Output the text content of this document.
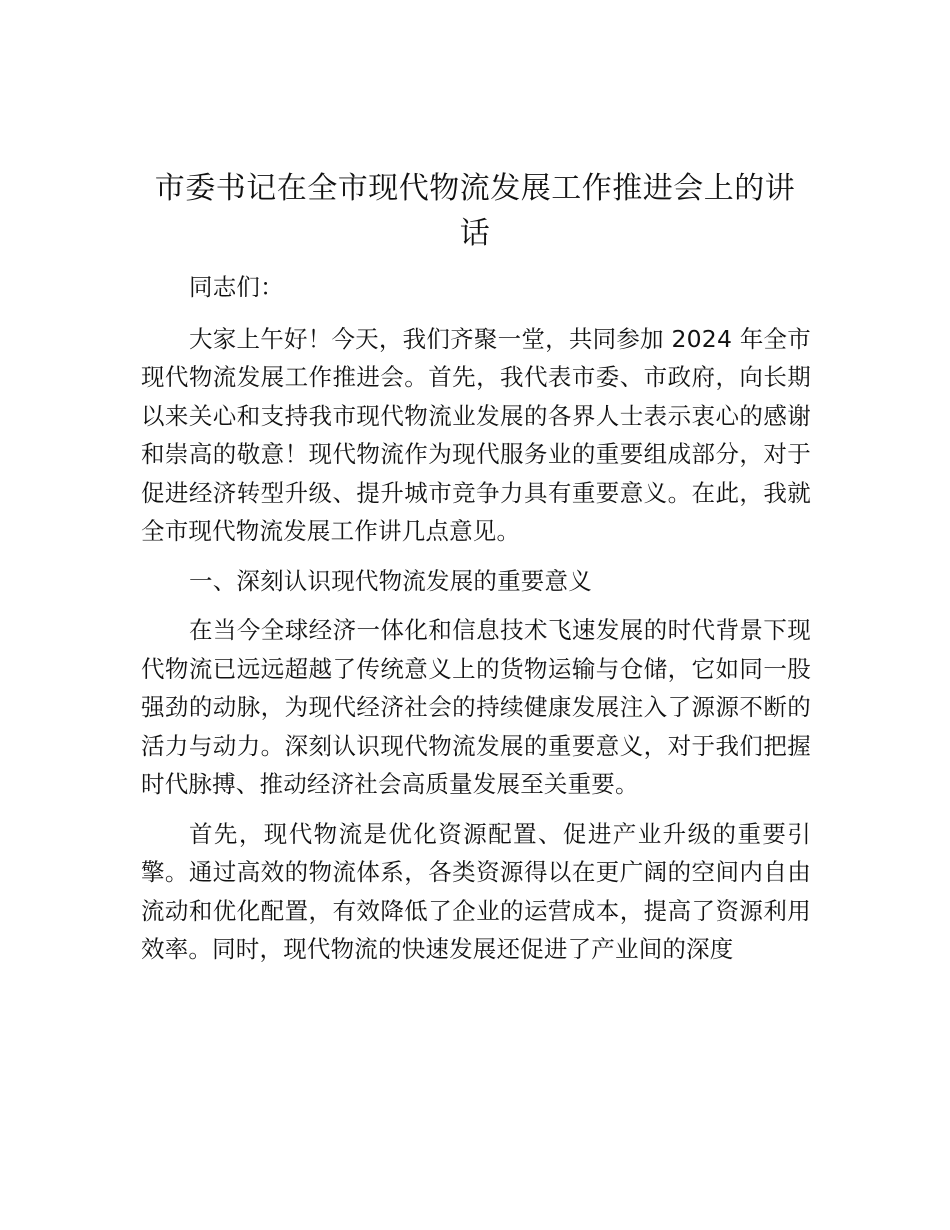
市委书记在全市现代物流发展工作推进会上的讲话

同志们：

大家上午好！今天，我们齐聚一堂，共同参加 2024 年全市现代物流发展工作推进会。首先，我代表市委、市政府，向长期以来关心和支持我市现代物流业发展的各界人士表示衷心的感谢和崇高的敬意！现代物流作为现代服务业的重要组成部分，对于促进经济转型升级、提升城市竞争力具有重要意义。在此，我就全市现代物流发展工作讲几点意见。

一、深刻认识现代物流发展的重要意义

在当今全球经济一体化和信息技术飞速发展的时代背景下现代物流已远远超越了传统意义上的货物运输与仓储，它如同一股强劲的动脉，为现代经济社会的持续健康发展注入了源源不断的活力与动力。深刻认识现代物流发展的重要意义，对于我们把握时代脉搏、推动经济社会高质量发展至关重要。

首先，现代物流是优化资源配置、促进产业升级的重要引擎。通过高效的物流体系，各类资源得以在更广阔的空间内自由流动和优化配置，有效降低了企业的运营成本，提高了资源利用效率。同时，现代物流的快速发展还促进了产业间的深度
